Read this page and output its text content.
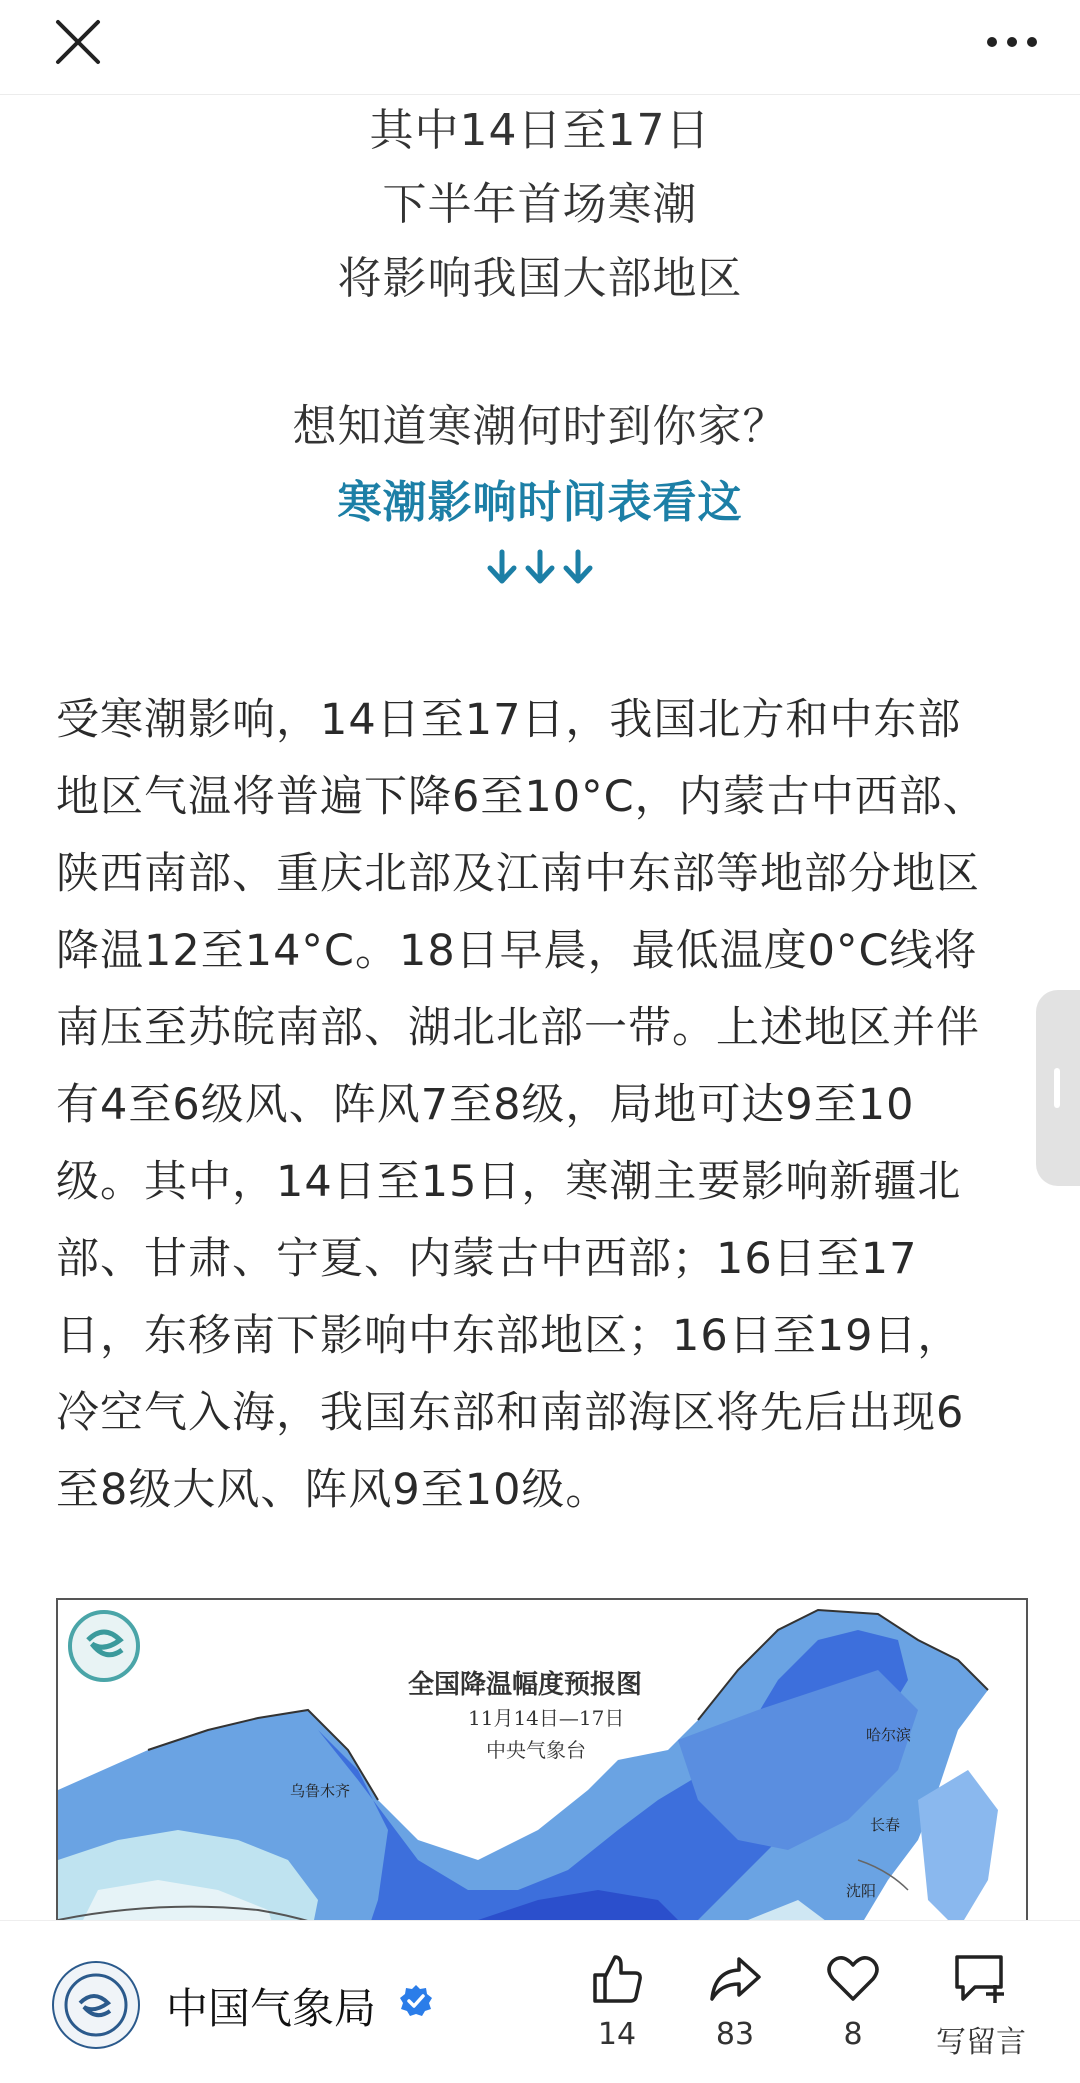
其中14日至17日
下半年首场寒潮
将影响我国大部地区
想知道寒潮何时到你家？
寒潮影响时间表看这
受寒潮影响，14日至17日，我国北方和中东部
地区气温将普遍下降6至10°C，内蒙古中西部、
陕西南部、重庆北部及江南中东部等地部分地区
降温12至14°C。18日早晨，最低温度0°C线将
南压至苏皖南部、湖北北部一带。上述地区并伴
有4至6级风、阵风7至8级，局地可达9至10
级。其中，14日至15日，寒潮主要影响新疆北
部、甘肃、宁夏、内蒙古中西部；16日至17
日，东移南下影响中东部地区；16日至19日，
冷空气入海，我国东部和南部海区将先后出现6
至8级大风、阵风9至10级。
全国降温幅度预报图
11月14日—17日
中央气象台
乌鲁木齐
哈尔滨
长春
沈阳
中国气象局
14	83	8	写留言
